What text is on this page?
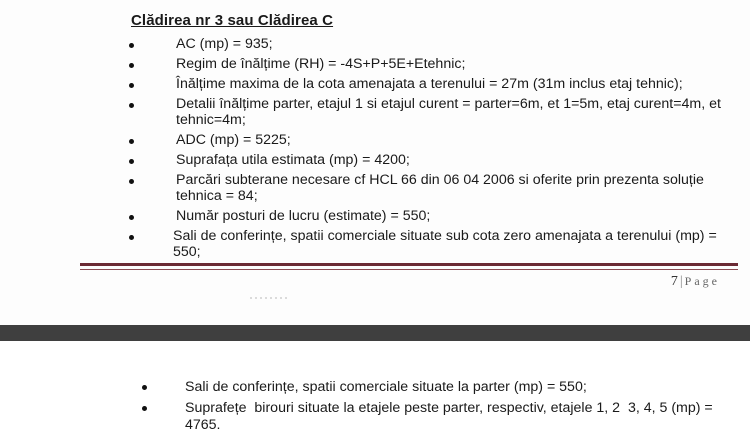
Clădirea nr 3 sau Clădirea C
AC (mp) = 935;
Regim de înălțime (RH) = -4S+P+5E+Etehnic;
Înălțime maxima de la cota amenajata a terenului = 27m (31m inclus etaj tehnic);
Detalii înălțime parter, etajul 1 si etajul curent = parter=6m, et 1=5m, etaj curent=4m, et
tehnic=4m;
ADC (mp) = 5225;
Suprafața utila estimata (mp) = 4200;
Parcări subterane necesare cf HCL 66 din 06 04 2006 si oferite prin prezenta soluție
tehnica = 84;
Număr posturi de lucru (estimate) = 550;
Sali de conferințe, spatii comerciale situate sub cota zero amenajata a terenului (mp) =
550;
7 | Page
Sali de conferințe, spatii comerciale situate la parter (mp) = 550;
Suprafețe  birouri situate la etajele peste parter, respectiv, etajele 1, 2  3, 4, 5 (mp) =
4765.
